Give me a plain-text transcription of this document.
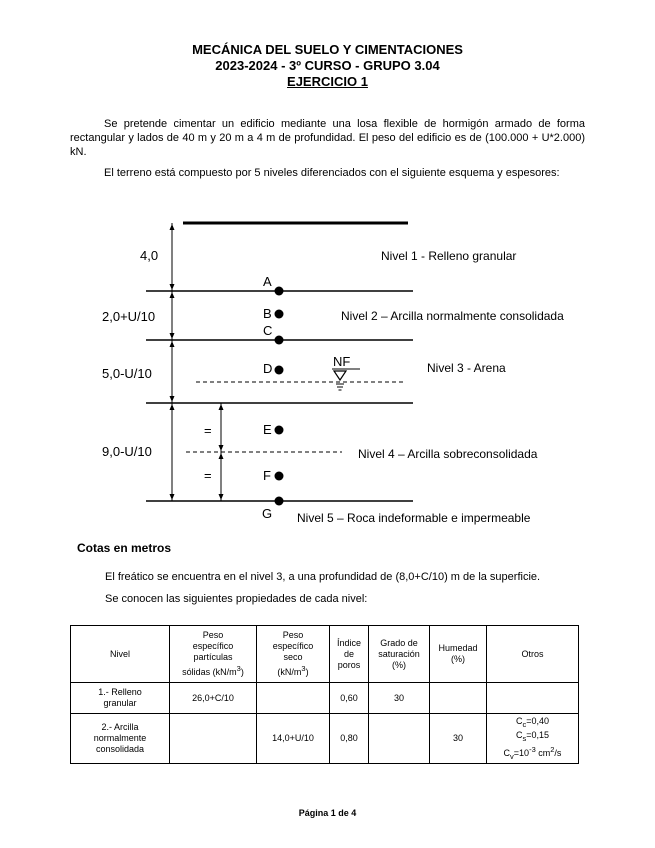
MECÁNICA DEL SUELO Y CIMENTACIONES
2023-2024 - 3º CURSO - GRUPO 3.04
EJERCICIO 1
Se pretende cimentar un edificio mediante una losa flexible de hormigón armado de forma rectangular y lados de 40 m y 20 m a 4 m de profundidad. El peso del edificio es de (100.000 + U*2.000) kN.
El terreno está compuesto por 5 niveles diferenciados con el siguiente esquema y espesores:
4,0
2,0+U/10
5,0-U/10
9,0-U/10
=
=
A
B
C
D
E
F
G
NF
Nivel 1 - Relleno granular
Nivel 2 – Arcilla normalmente consolidada
Nivel 3 - Arena
Nivel 4 – Arcilla sobreconsolidada
Nivel 5 – Roca indeformable e impermeable
Cotas en metros
El freático se encuentra en el nivel 3, a una profundidad de (8,0+C/10) m de la superficie.
Se conocen las siguientes propiedades de cada nivel:
Nivel	Peso
específico
partículas
sólidas $(kN/m^3)$	Peso
específico
seco
$(kN/m^3)$	Índice
de
poros	Grado de
saturación
(%)	Humedad
(%)	Otros
1.- Relleno
granular	26,0+C/10		0,60	30		
2.- Arcilla
normalmente
consolidada		14,0+U/10	0,80		30	$C_c=0,40$
$C_s=0,15$
$C_v=10^{-3}$ $cm^2/s$
Página 1 de 4
